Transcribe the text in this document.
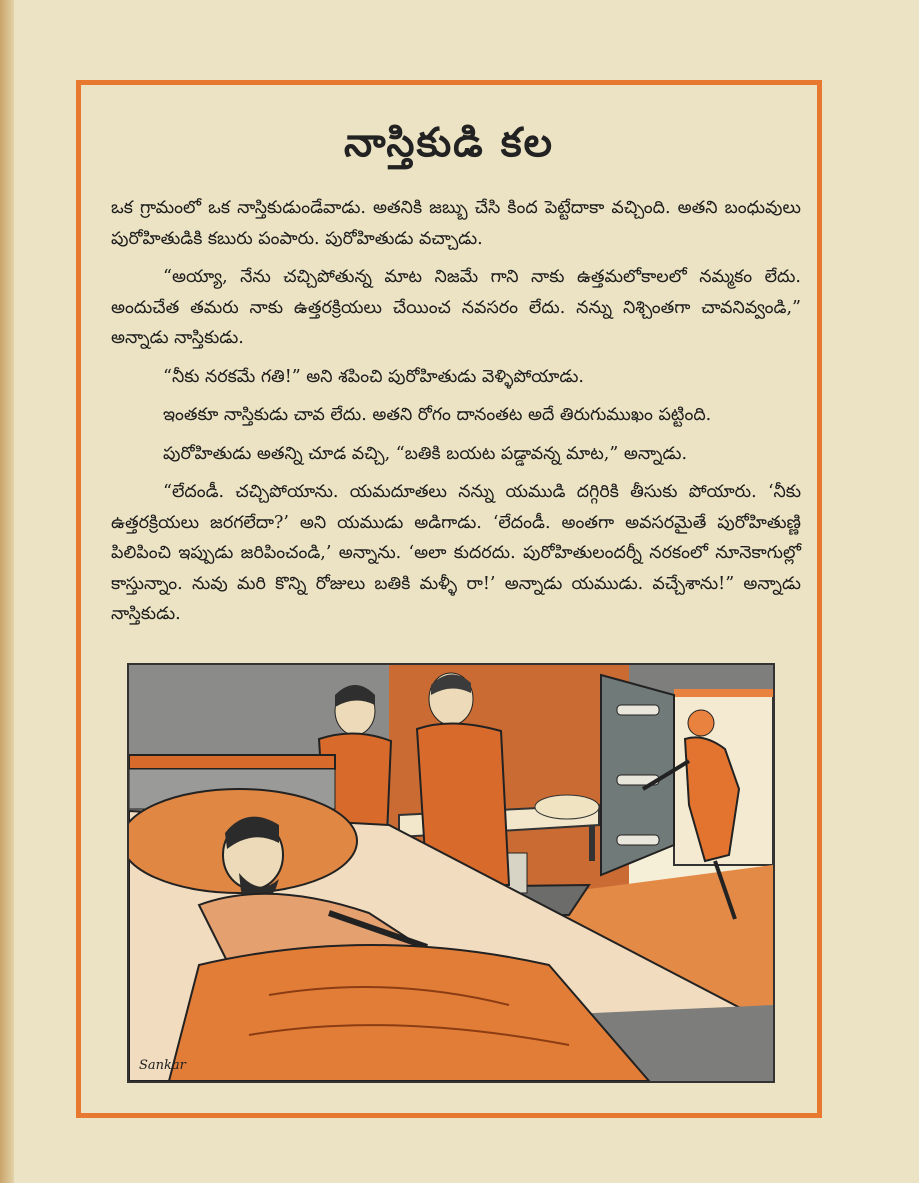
నాస్తికుడి కల

ఒక గ్రామంలో ఒక నాస్తికుడుండేవాడు. అతనికి జబ్బు చేసి కింద పెట్టేదాకా వచ్చింది. అతని బంధువులు పురోహితుడికి కబురు పంపారు. పురోహితుడు వచ్చాడు.

“అయ్యా, నేను చచ్చిపోతున్న మాట నిజమే గాని నాకు ఉత్తమలోకాలలో నమ్మకం లేదు. అందుచేత తమరు నాకు ఉత్తరక్రియలు చేయించ నవసరం లేదు. నన్ను నిశ్చింతగా చావనివ్వండి,” అన్నాడు నాస్తికుడు.

“నీకు నరకమే గతి!” అని శపించి పురోహితుడు వెళ్ళిపోయాడు.

ఇంతకూ నాస్తికుడు చావ లేదు. అతని రోగం దానంతట అదే తిరుగుముఖం పట్టింది.

పురోహితుడు అతన్ని చూడ వచ్చి, “బతికి బయట పడ్డావన్న మాట,” అన్నాడు.

“లేదండీ. చచ్చిపోయాను. యమదూతలు నన్ను యముడి దగ్గిరికి తీసుకు పోయారు. ‘నీకు ఉత్తరక్రియలు జరగలేదా?’ అని యముడు అడిగాడు. ‘లేదండీ. అంతగా అవసరమైతే పురోహితుణ్ణి పిలిపించి ఇప్పుడు జరిపించండి,’ అన్నాను. ‘అలా కుదరదు. పురోహితులందర్నీ నరకంలో నూనెకాగుల్లో కాస్తున్నాం. నువు మరి కొన్ని రోజులు బతికి మళ్ళీ రా!’ అన్నాడు యముడు. వచ్చేశాను!” అన్నాడు నాస్తికుడు.

Sankar
